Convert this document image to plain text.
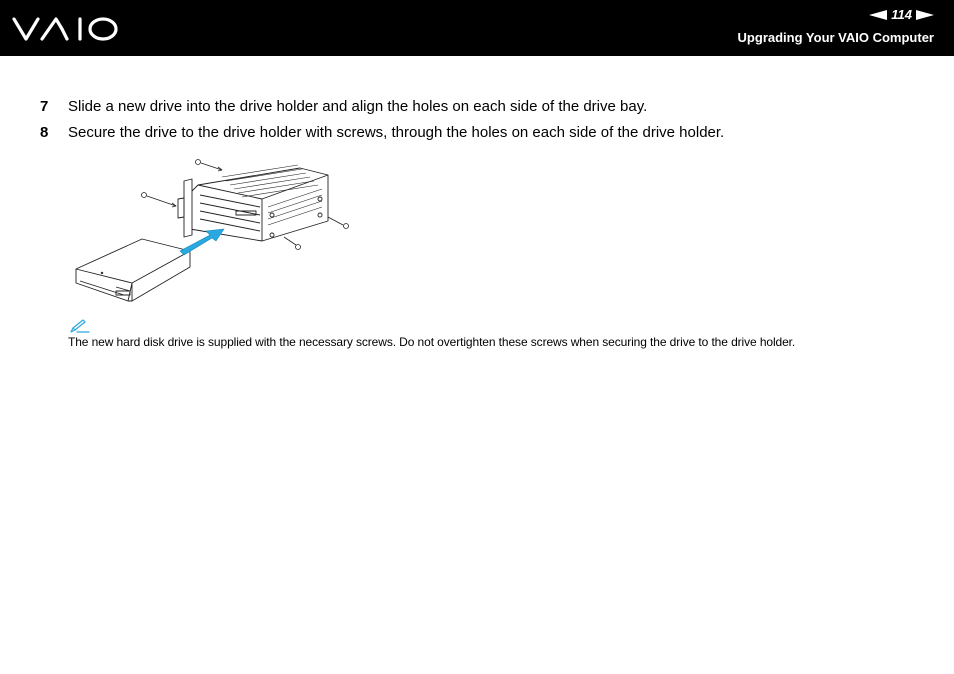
114
Upgrading Your VAIO Computer
7 Slide a new drive into the drive holder and align the holes on each side of the drive bay.
8 Secure the drive to the drive holder with screws, through the holes on each side of the drive holder.
The new hard disk drive is supplied with the necessary screws. Do not overtighten these screws when securing the drive to the drive holder.
